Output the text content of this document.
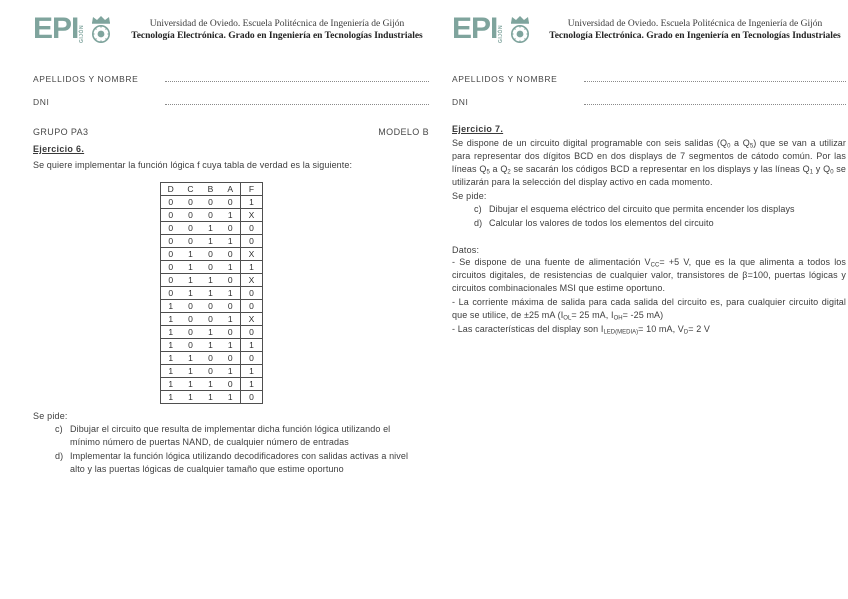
EPI GIJÓN
Universidad de Oviedo. Escuela Politécnica de Ingeniería de Gijón
Tecnología Electrónica. Grado en Ingeniería en Tecnologías Industriales
APELLIDOS Y NOMBRE
DNI
GRUPO PA3	MODELO B
Ejercicio 6.

Se quiere implementar la función lógica f cuya tabla de verdad es la siguiente:

D	C	B	A	F
0	0	0	0	1
0	0	0	1	X
0	0	1	0	0
0	0	1	1	0
0	1	0	0	X
0	1	0	1	1
0	1	1	0	X
0	1	1	1	0
1	0	0	0	0
1	0	0	1	X
1	0	1	0	0
1	0	1	1	1
1	1	0	0	0
1	1	0	1	1
1	1	1	0	1
1	1	1	1	0
Se pide:
c) Dibujar el circuito que resulta de implementar dicha función lógica utilizando el mínimo número de puertas NAND, de cualquier número de entradas
d) Implementar la función lógica utilizando decodificadores con salidas activas a nivel alto y las puertas lógicas de cualquier tamaño que estime oportuno
EPI GIJÓN
Universidad de Oviedo. Escuela Politécnica de Ingeniería de Gijón
Tecnología Electrónica. Grado en Ingeniería en Tecnologías Industriales
APELLIDOS Y NOMBRE
DNI
Ejercicio 7.

Se dispone de un circuito digital programable con seis salidas ($Q_0$ a $Q_5$) que se van a utilizar para representar dos dígitos BCD en dos displays de 7 segmentos de cátodo común. Por las líneas $Q_5$ a $Q_2$ se sacarán los códigos BCD a representar en los displays y las líneas $Q_1$ y $Q_0$ se utilizarán para la selección del display activo en cada momento.

Se pide:
c) Dibujar el esquema eléctrico del circuito que permita encender los displays
d) Calcular los valores de todos los elementos del circuito
Datos:

- Se dispone de una fuente de alimentación $V_{CC}= +5$ V, que es la que alimenta a todos los circuitos digitales, de resistencias de cualquier valor, transistores de β=100, puertas lógicas y circuitos combinacionales MSI que estime oportuno.

- La corriente máxima de salida para cada salida del circuito es, para cualquier circuito digital que se utilice, de ±25 mA ($I_{OL}= 25$ mA, $I_{OH}= -25$ mA)

- Las características del display son $I_{LED(MEDIA)}= 10$ mA, $V_D= 2$ V
